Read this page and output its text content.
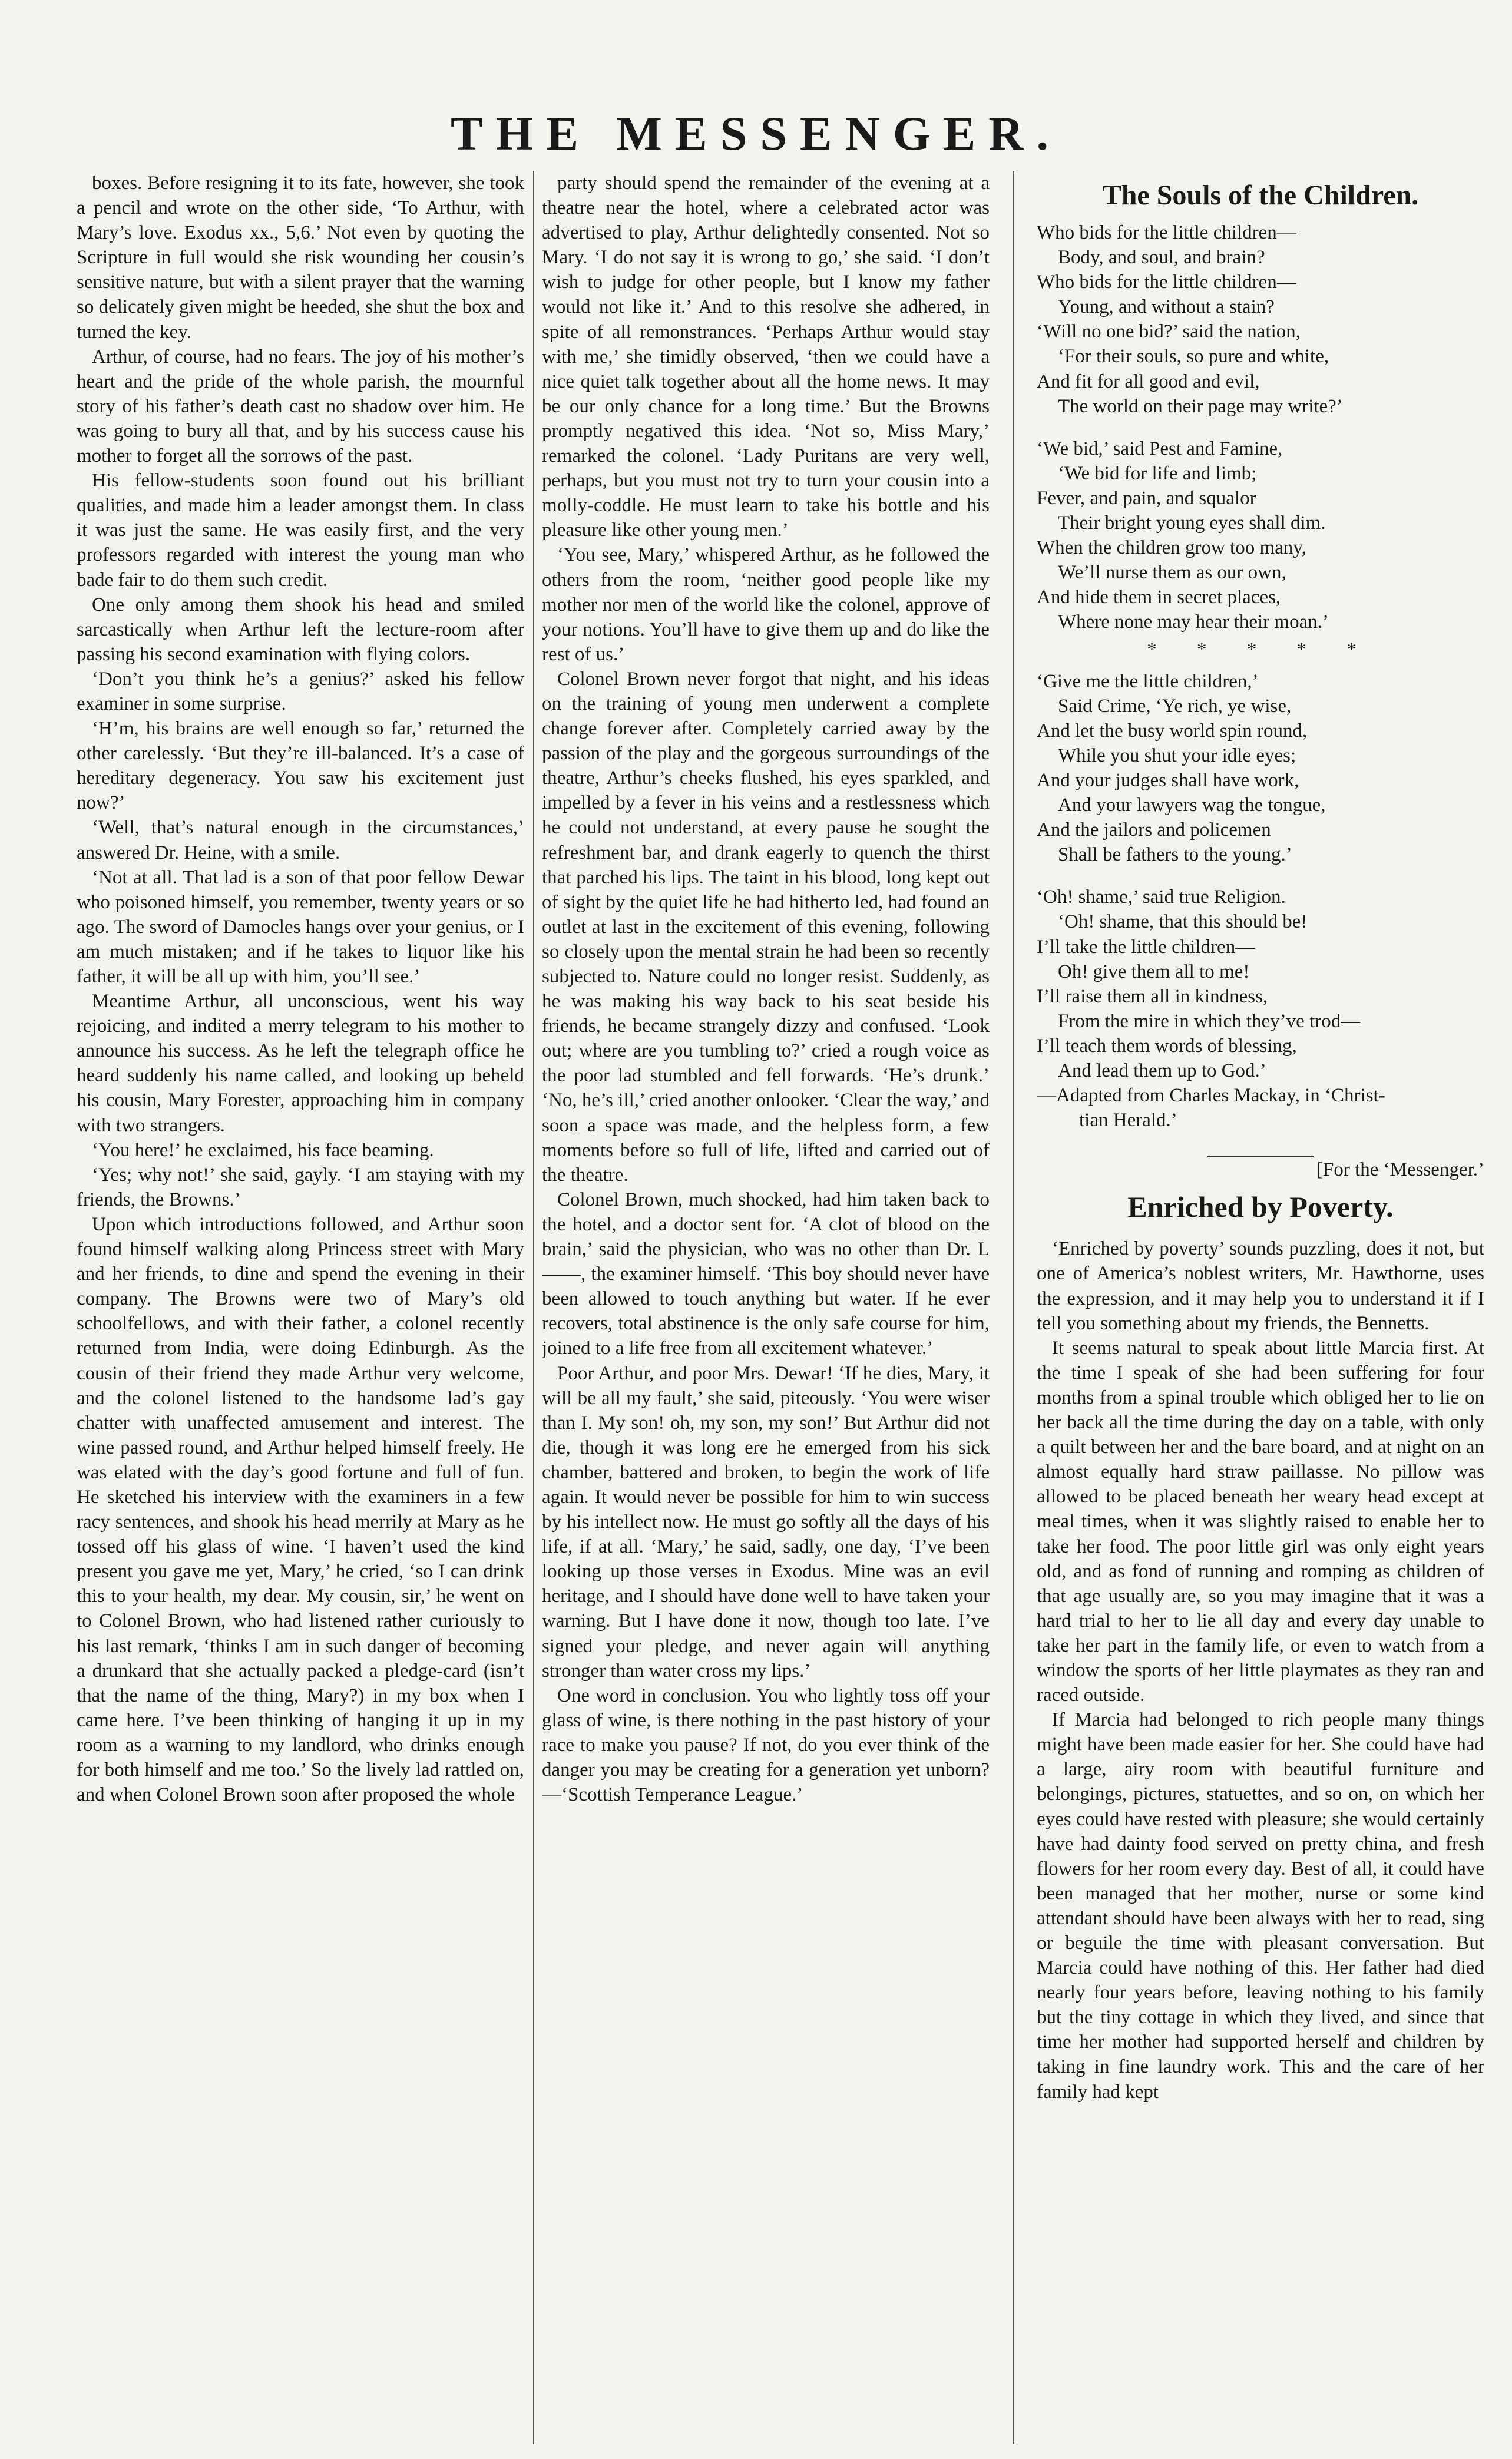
THE MESSENGER.

boxes. Before resigning it to its fate, however, she took a pencil and wrote on the other side, ‘To Arthur, with Mary’s love. Exodus xx., 5,6.’ Not even by quoting the Scripture in full would she risk wounding her cousin’s sensitive nature, but with a silent prayer that the warning so delicately given might be heeded, she shut the box and turned the key.

Arthur, of course, had no fears. The joy of his mother’s heart and the pride of the whole parish, the mournful story of his father’s death cast no shadow over him. He was going to bury all that, and by his success cause his mother to forget all the sorrows of the past.

His fellow-students soon found out his brilliant qualities, and made him a leader amongst them. In class it was just the same. He was easily first, and the very professors regarded with interest the young man who bade fair to do them such credit.

One only among them shook his head and smiled sarcastically when Arthur left the lecture-room after passing his second examination with flying colors.

‘Don’t you think he’s a genius?’ asked his fellow examiner in some surprise.

‘H’m, his brains are well enough so far,’ returned the other carelessly. ‘But they’re ill-balanced. It’s a case of hereditary degeneracy. You saw his excitement just now?’

‘Well, that’s natural enough in the circumstances,’ answered Dr. Heine, with a smile.

‘Not at all. That lad is a son of that poor fellow Dewar who poisoned himself, you remember, twenty years or so ago. The sword of Damocles hangs over your genius, or I am much mistaken; and if he takes to liquor like his father, it will be all up with him, you’ll see.’

Meantime Arthur, all unconscious, went his way rejoicing, and indited a merry telegram to his mother to announce his success. As he left the telegraph office he heard suddenly his name called, and looking up beheld his cousin, Mary Forester, approaching him in company with two strangers.

‘You here!’ he exclaimed, his face beaming.

‘Yes; why not!’ she said, gayly. ‘I am staying with my friends, the Browns.’

Upon which introductions followed, and Arthur soon found himself walking along Princess street with Mary and her friends, to dine and spend the evening in their company. The Browns were two of Mary’s old schoolfellows, and with their father, a colonel recently returned from India, were doing Edinburgh. As the cousin of their friend they made Arthur very welcome, and the colonel listened to the handsome lad’s gay chatter with unaffected amusement and interest. The wine passed round, and Arthur helped himself freely. He was elated with the day’s good fortune and full of fun. He sketched his interview with the examiners in a few racy sentences, and shook his head merrily at Mary as he tossed off his glass of wine. ‘I haven’t used the kind present you gave me yet, Mary,’ he cried, ‘so I can drink this to your health, my dear. My cousin, sir,’ he went on to Colonel Brown, who had listened rather curiously to his last remark, ‘thinks I am in such danger of becoming a drunkard that she actually packed a pledge-card (isn’t that the name of the thing, Mary?) in my box when I came here. I’ve been thinking of hanging it up in my room as a warning to my landlord, who drinks enough for both himself and me too.’ So the lively lad rattled on, and when Colonel Brown soon after proposed the whole

party should spend the remainder of the evening at a theatre near the hotel, where a celebrated actor was advertised to play, Arthur delightedly consented. Not so Mary. ‘I do not say it is wrong to go,’ she said. ‘I don’t wish to judge for other people, but I know my father would not like it.’ And to this resolve she adhered, in spite of all remonstrances. ‘Perhaps Arthur would stay with me,’ she timidly observed, ‘then we could have a nice quiet talk together about all the home news. It may be our only chance for a long time.’ But the Browns promptly negatived this idea. ‘Not so, Miss Mary,’ remarked the colonel. ‘Lady Puritans are very well, perhaps, but you must not try to turn your cousin into a molly-coddle. He must learn to take his bottle and his pleasure like other young men.’

‘You see, Mary,’ whispered Arthur, as he followed the others from the room, ‘neither good people like my mother nor men of the world like the colonel, approve of your notions. You’ll have to give them up and do like the rest of us.’

Colonel Brown never forgot that night, and his ideas on the training of young men underwent a complete change forever after. Completely carried away by the passion of the play and the gorgeous surroundings of the theatre, Arthur’s cheeks flushed, his eyes sparkled, and impelled by a fever in his veins and a restlessness which he could not understand, at every pause he sought the refreshment bar, and drank eagerly to quench the thirst that parched his lips. The taint in his blood, long kept out of sight by the quiet life he had hitherto led, had found an outlet at last in the excitement of this evening, following so closely upon the mental strain he had been so recently subjected to. Nature could no longer resist. Suddenly, as he was making his way back to his seat beside his friends, he became strangely dizzy and confused. ‘Look out; where are you tumbling to?’ cried a rough voice as the poor lad stumbled and fell forwards. ‘He’s drunk.’ ‘No, he’s ill,’ cried another onlooker. ‘Clear the way,’ and soon a space was made, and the helpless form, a few moments before so full of life, lifted and carried out of the theatre.

Colonel Brown, much shocked, had him taken back to the hotel, and a doctor sent for. ‘A clot of blood on the brain,’ said the physician, who was no other than Dr. L——, the examiner himself. ‘This boy should never have been allowed to touch anything but water. If he ever recovers, total abstinence is the only safe course for him, joined to a life free from all excitement whatever.’

Poor Arthur, and poor Mrs. Dewar! ‘If he dies, Mary, it will be all my fault,’ she said, piteously. ‘You were wiser than I. My son! oh, my son, my son!’ But Arthur did not die, though it was long ere he emerged from his sick chamber, battered and broken, to begin the work of life again. It would never be possible for him to win success by his intellect now. He must go softly all the days of his life, if at all. ‘Mary,’ he said, sadly, one day, ‘I’ve been looking up those verses in Exodus. Mine was an evil heritage, and I should have done well to have taken your warning. But I have done it now, though too late. I’ve signed your pledge, and never again will anything stronger than water cross my lips.’

One word in conclusion. You who lightly toss off your glass of wine, is there nothing in the past history of your race to make you pause? If not, do you ever think of the danger you may be creating for a generation yet unborn?—‘Scottish Temperance League.’

The Souls of the Children.
Who bids for the little children—
Body, and soul, and brain?
Who bids for the little children—
Young, and without a stain?
‘Will no one bid?’ said the nation,
‘For their souls, so pure and white,
And fit for all good and evil,
The world on their page may write?’
‘We bid,’ said Pest and Famine,
‘We bid for life and limb;
Fever, and pain, and squalor
Their bright young eyes shall dim.
When the children grow too many,
We’ll nurse them as our own,
And hide them in secret places,
Where none may hear their moan.’
* * * * *
‘Give me the little children,’
Said Crime, ‘Ye rich, ye wise,
And let the busy world spin round,
While you shut your idle eyes;
And your judges shall have work,
And your lawyers wag the tongue,
And the jailors and policemen
Shall be fathers to the young.’
‘Oh! shame,’ said true Religion.
‘Oh! shame, that this should be!
I’ll take the little children—
Oh! give them all to me!
I’ll raise them all in kindness,
From the mire in which they’ve trod—
I’ll teach them words of blessing,
And lead them up to God.’
—Adapted from Charles Mackay, in ‘Christ-
tian Herald.’
[For the ‘Messenger.’
Enriched by Poverty.

‘Enriched by poverty’ sounds puzzling, does it not, but one of America’s noblest writers, Mr. Hawthorne, uses the expression, and it may help you to understand it if I tell you something about my friends, the Bennetts.

It seems natural to speak about little Marcia first. At the time I speak of she had been suffering for four months from a spinal trouble which obliged her to lie on her back all the time during the day on a table, with only a quilt between her and the bare board, and at night on an almost equally hard straw paillasse. No pillow was allowed to be placed beneath her weary head except at meal times, when it was slightly raised to enable her to take her food. The poor little girl was only eight years old, and as fond of running and romping as children of that age usually are, so you may imagine that it was a hard trial to her to lie all day and every day unable to take her part in the family life, or even to watch from a window the sports of her little playmates as they ran and raced outside.

If Marcia had belonged to rich people many things might have been made easier for her. She could have had a large, airy room with beautiful furniture and belongings, pictures, statuettes, and so on, on which her eyes could have rested with pleasure; she would certainly have had dainty food served on pretty china, and fresh flowers for her room every day. Best of all, it could have been managed that her mother, nurse or some kind attendant should have been always with her to read, sing or beguile the time with pleasant conversation. But Marcia could have nothing of this. Her father had died nearly four years before, leaving nothing to his family but the tiny cottage in which they lived, and since that time her mother had supported herself and children by taking in fine laundry work. This and the care of her family had kept
